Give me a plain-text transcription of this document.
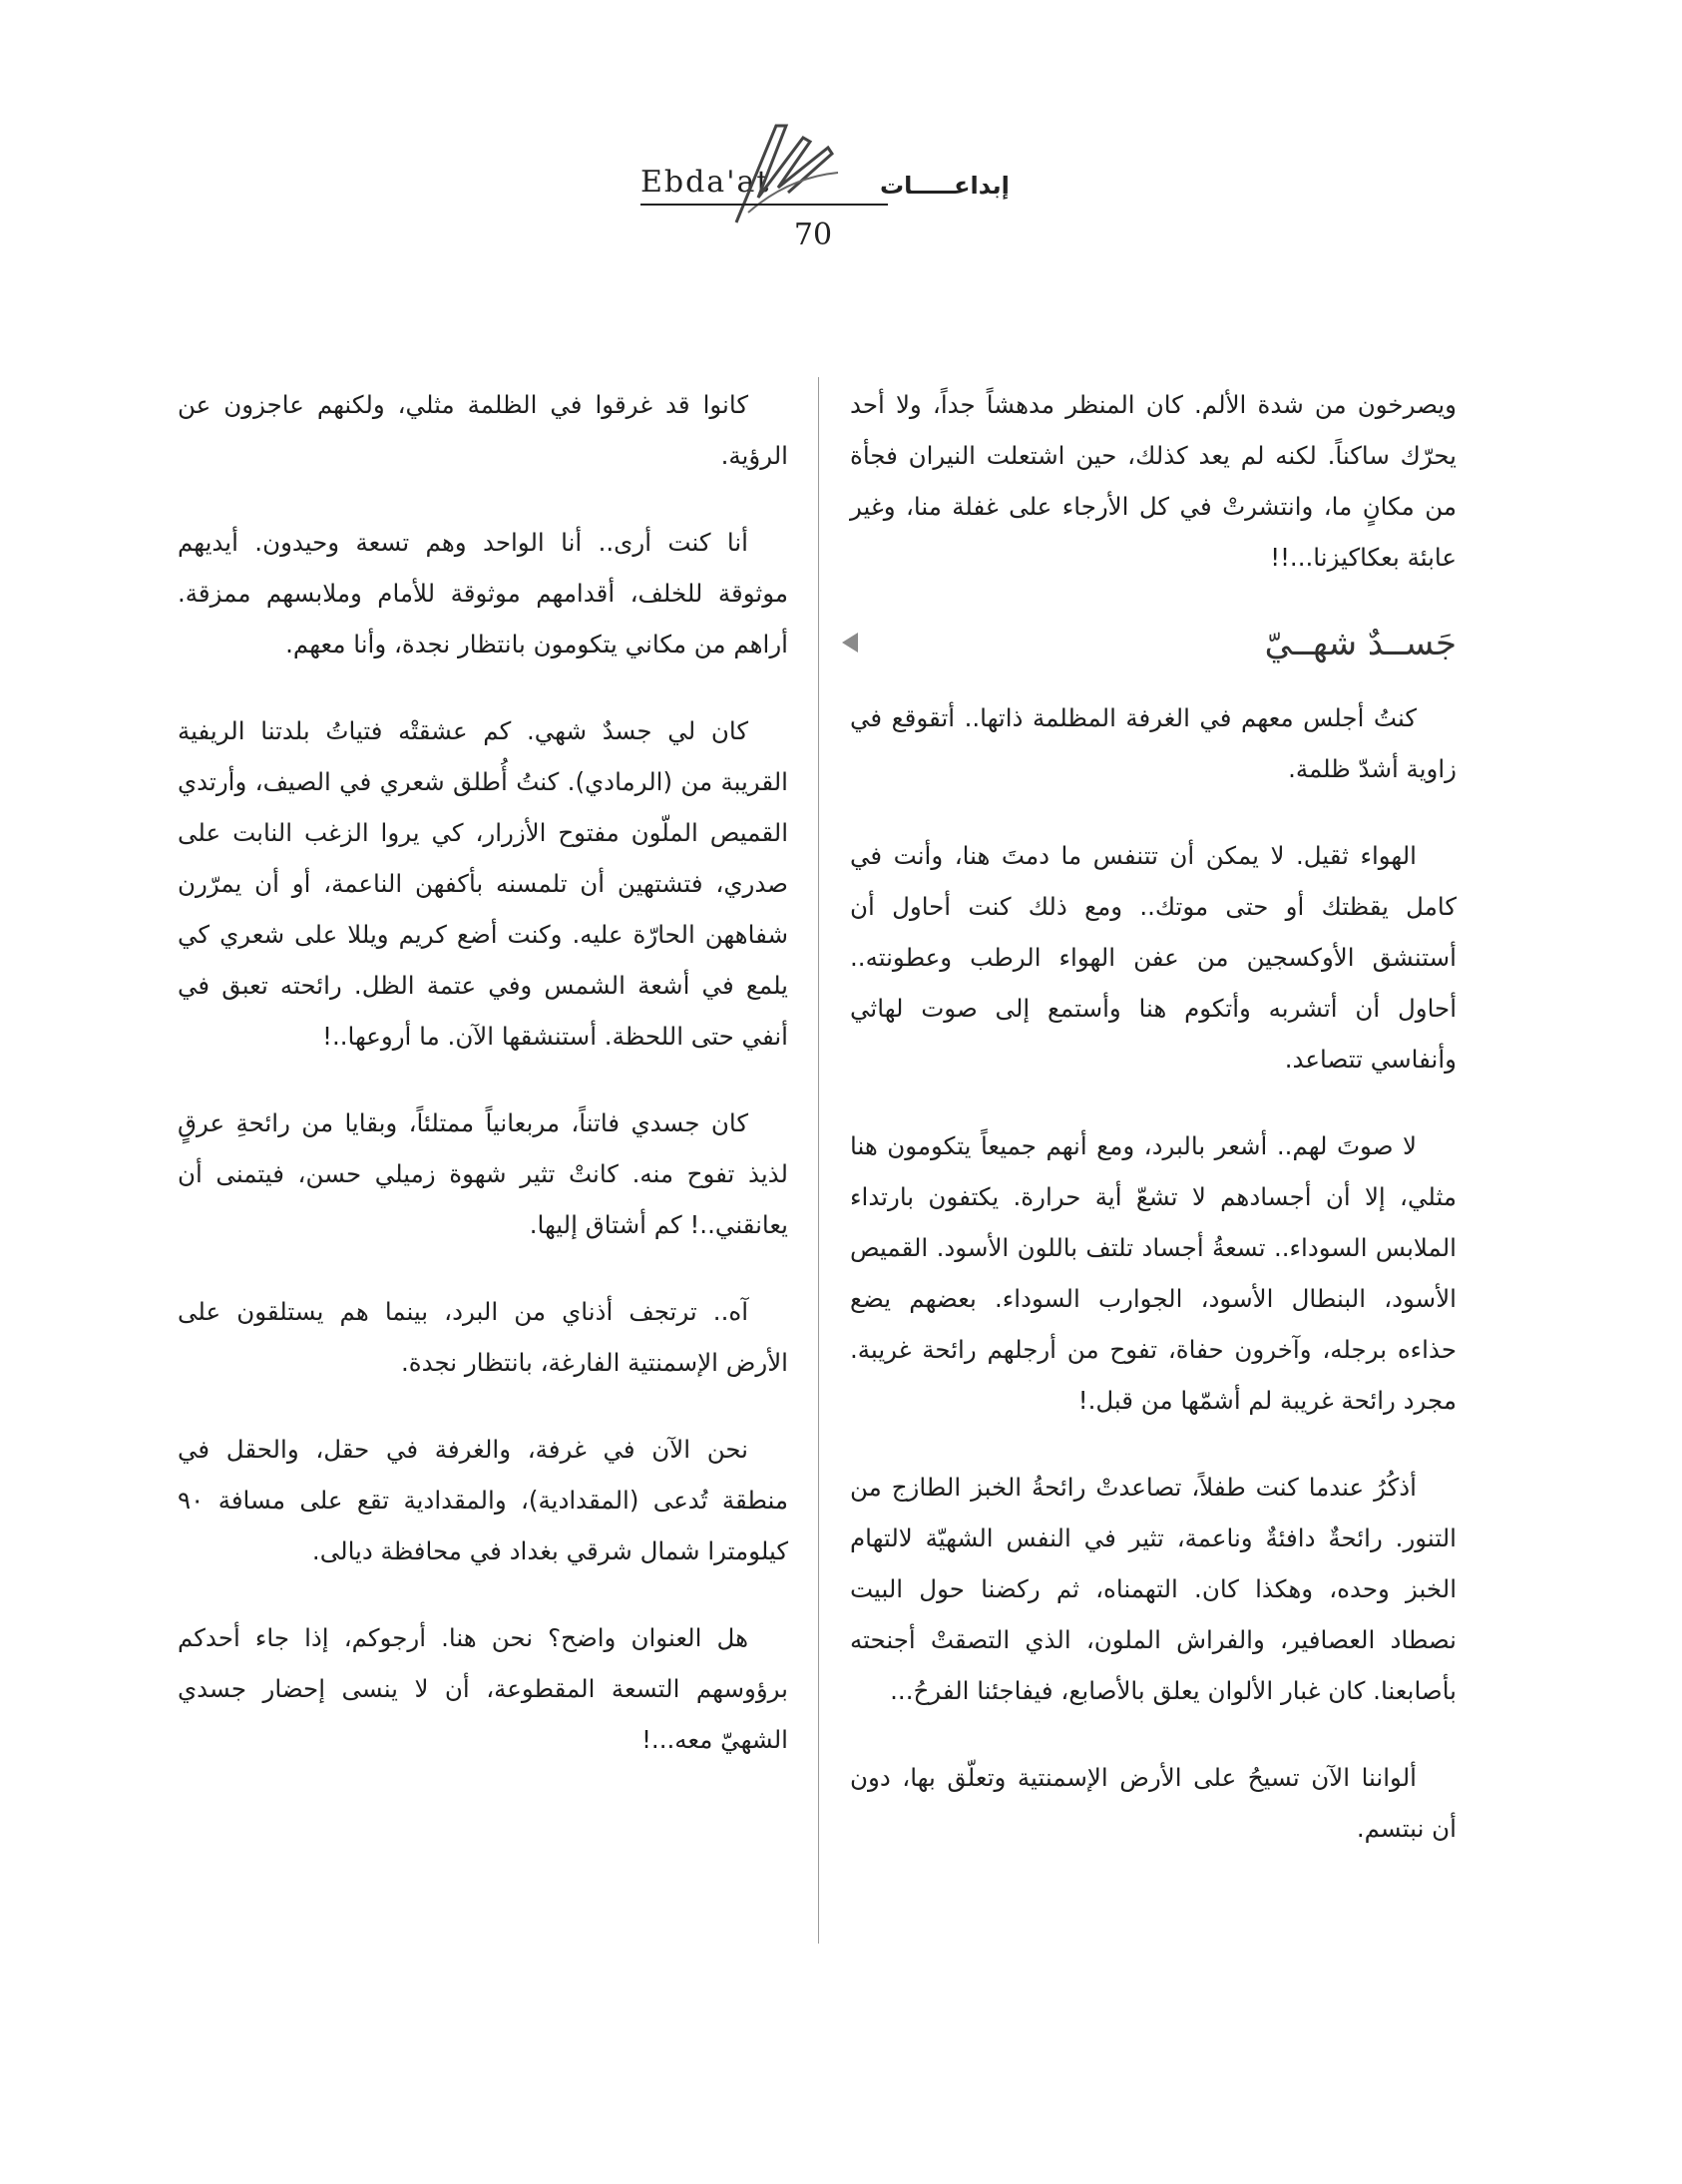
Ebda'at	إبداعـــــات
70

ويصرخون من شدة الألم. كان المنظر مدهشاً جداً، ولا أحد يحرّك ساكناً. لكنه لم يعد كذلك، حين اشتعلت النيران فجأة من مكانٍ ما، وانتشرتْ في كل الأرجاء على غفلة منا، وغير عابئة بعكاكيزنا...!!

جَســدٌ شهــيّ

كنتُ أجلس معهم في الغرفة المظلمة ذاتها.. أتقوقع في زاوية أشدّ ظلمة.

الهواء ثقيل. لا يمكن أن تتنفس ما دمتَ هنا، وأنت في كامل يقظتك أو حتى موتك.. ومع ذلك كنت أحاول أن أستنشق الأوكسجين من عفن الهواء الرطب وعطونته.. أحاول أن أتشربه وأتكوم هنا وأستمع إلى صوت لهاثي وأنفاسي تتصاعد.

لا صوتَ لهم.. أشعر بالبرد، ومع أنهم جميعاً يتكومون هنا مثلي، إلا أن أجسادهم لا تشعّ أية حرارة. يكتفون بارتداء الملابس السوداء.. تسعةُ أجساد تلتف باللون الأسود. القميص الأسود، البنطال الأسود، الجوارب السوداء. بعضهم يضع حذاءه برجله، وآخرون حفاة، تفوح من أرجلهم رائحة غريبة. مجرد رائحة غريبة لم أشمّها من قبل.!

أذكُرُ عندما كنت طفلاً، تصاعدتْ رائحةُ الخبز الطازج من التنور. رائحةٌ دافئةٌ وناعمة، تثير في النفس الشهيّة لالتهام الخبز وحده، وهكذا كان. التهمناه، ثم ركضنا حول البيت نصطاد العصافير، والفراش الملون، الذي التصقتْ أجنحته بأصابعنا. كان غبار الألوان يعلق بالأصابع، فيفاجئنا الفرحُ...

ألواننا الآن تسيحُ على الأرض الإسمنتية وتعلّق بها، دون أن نبتسم.

كانوا قد غرقوا في الظلمة مثلي، ولكنهم عاجزون عن الرؤية.

أنا كنت أرى.. أنا الواحد وهم تسعة وحيدون. أيديهم موثوقة للخلف، أقدامهم موثوقة للأمام وملابسهم ممزقة. أراهم من مكاني يتكومون بانتظار نجدة، وأنا معهم.

كان لي جسدٌ شهي. كم عشقتْه فتياتُ بلدتنا الريفية القريبة من (الرمادي). كنتُ أُطلق شعري في الصيف، وأرتدي القميص الملّون مفتوح الأزرار، كي يروا الزغب النابت على صدري، فتشتهين أن تلمسنه بأكفهن الناعمة، أو أن يمرّرن شفاههن الحارّة عليه. وكنت أضع كريم ويللا على شعري كي يلمع في أشعة الشمس وفي عتمة الظل. رائحته تعبق في أنفي حتى اللحظة. أستنشقها الآن. ما أروعها..!

كان جسدي فاتناً، مربعانياً ممتلئاً، وبقايا من رائحةِ عرقٍ لذيذ تفوح منه. كانتْ تثير شهوة زميلي حسن، فيتمنى أن يعانقني..! كم أشتاق إليها.

آه.. ترتجف أذناي من البرد، بينما هم يستلقون على الأرض الإسمنتية الفارغة، بانتظار نجدة.

نحن الآن في غرفة، والغرفة في حقل، والحقل في منطقة تُدعى (المقدادية)، والمقدادية تقع على مسافة ٩٠ كيلومترا شمال شرقي بغداد في محافظة ديالى.

هل العنوان واضح؟ نحن هنا. أرجوكم، إذا جاء أحدكم برؤوسهم التسعة المقطوعة، أن لا ينسى إحضار جسدي الشهيّ معه...!
